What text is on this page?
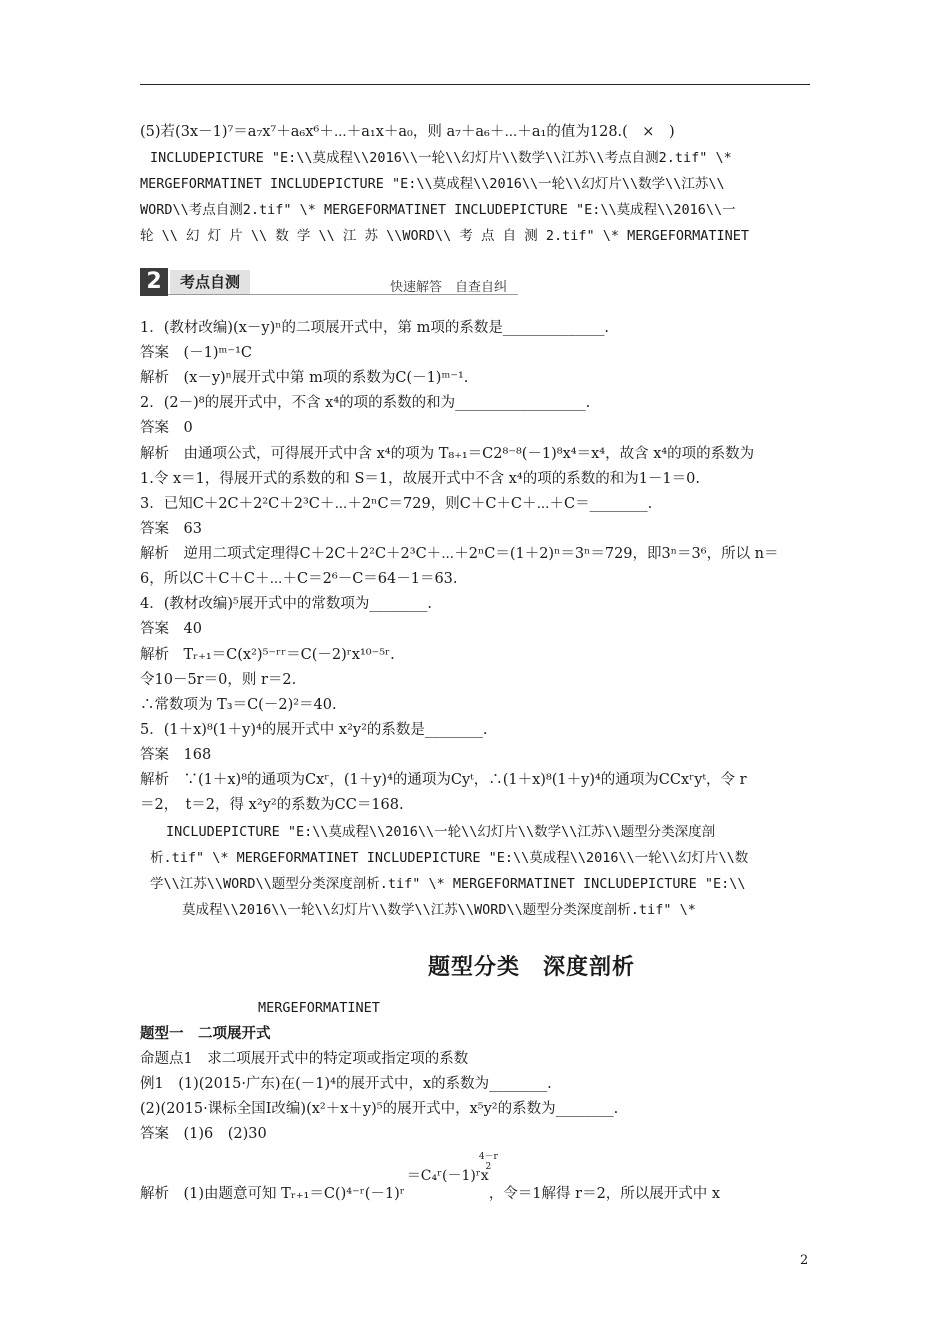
(5)若(3x－1)⁷＝a₇x⁷＋a₆x⁶＋⋯＋a₁x＋a₀，则 a₇＋a₆＋⋯＋a₁的值为128.(　×　)
INCLUDEPICTURE "E:\\莫成程\\2016\\一轮\\幻灯片\\数学\\江苏\\考点自测2.tif" \*
MERGEFORMATINET INCLUDEPICTURE "E:\\莫成程\\2016\\一轮\\幻灯片\\数学\\江苏\\
WORD\\考点自测2.tif" \* MERGEFORMATINET INCLUDEPICTURE "E:\\莫成程\\2016\\一
轮 \\ 幻 灯 片 \\ 数 学 \\ 江 苏 \\WORD\\ 考 点 自 测 2.tif" \* MERGEFORMATINET
2	考点自测	快速解答　自查自纠
1．(教材改编)(x－y)ⁿ的二项展开式中，第 m项的系数是______________.
答案　(－1)ᵐ⁻¹C
解析　(x－y)ⁿ展开式中第 m项的系数为C(－1)ᵐ⁻¹.
2．(2－)⁸的展开式中，不含 x⁴的项的系数的和为__________________.
答案　0
解析　由通项公式，可得展开式中含 x⁴的项为 T₈₊₁＝C2⁸⁻⁸(－1)⁸x⁴＝x⁴，故含 x⁴的项的系数为
1.令 x＝1，得展开式的系数的和 S＝1，故展开式中不含 x⁴的项的系数的和为1－1＝0.
3．已知C＋2C＋2²C＋2³C＋⋯＋2ⁿC＝729，则C＋C＋C＋⋯＋C＝________.
答案　63
解析　逆用二项式定理得C＋2C＋2²C＋2³C＋⋯＋2ⁿC＝(1＋2)ⁿ＝3ⁿ＝729，即3ⁿ＝3⁶，所以 n＝
6，所以C＋C＋C＋⋯＋C＝2⁶－C＝64－1＝63.
4．(教材改编)⁵展开式中的常数项为________.
答案　40
解析　Tᵣ₊₁＝C(x²)⁵⁻ʳʳ＝C(－2)ʳx¹⁰⁻⁵ʳ.
令10－5r＝0，则 r＝2.
∴常数项为 T₃＝C(－2)²＝40.
5．(1＋x)⁸(1＋y)⁴的展开式中 x²y²的系数是________.
答案　168
解析　∵(1＋x)⁸的通项为Cxʳ，(1＋y)⁴的通项为Cyᵗ，∴(1＋x)⁸(1＋y)⁴的通项为CCxʳyᵗ，令 r
＝2，　t＝2，得 x²y²的系数为CC＝168.
INCLUDEPICTURE "E:\\莫成程\\2016\\一轮\\幻灯片\\数学\\江苏\\题型分类深度剖
析.tif" \* MERGEFORMATINET INCLUDEPICTURE "E:\\莫成程\\2016\\一轮\\幻灯片\\数
学\\江苏\\WORD\\题型分类深度剖析.tif" \* MERGEFORMATINET INCLUDEPICTURE "E:\\
莫成程\\2016\\一轮\\幻灯片\\数学\\江苏\\WORD\\题型分类深度剖析.tif" \*
题型分类　深度剖析
MERGEFORMATINET
题型一　二项展开式
命题点1　求二项展开式中的特定项或指定项的系数
例1　(1)(2015·广东)在(－1)⁴的展开式中，x的系数为________.
(2)(2015·课标全国Ⅰ改编)(x²＋x＋y)⁵的展开式中，x⁵y²的系数为________.
答案　(1)6　(2)30
解析　(1)由题意可知 Tᵣ₊₁＝C()⁴⁻ʳ(－1)ʳ
＝C₄ʳ(－1)ʳx
4－r
2
，令＝1解得 r＝2，所以展开式中 x
2
